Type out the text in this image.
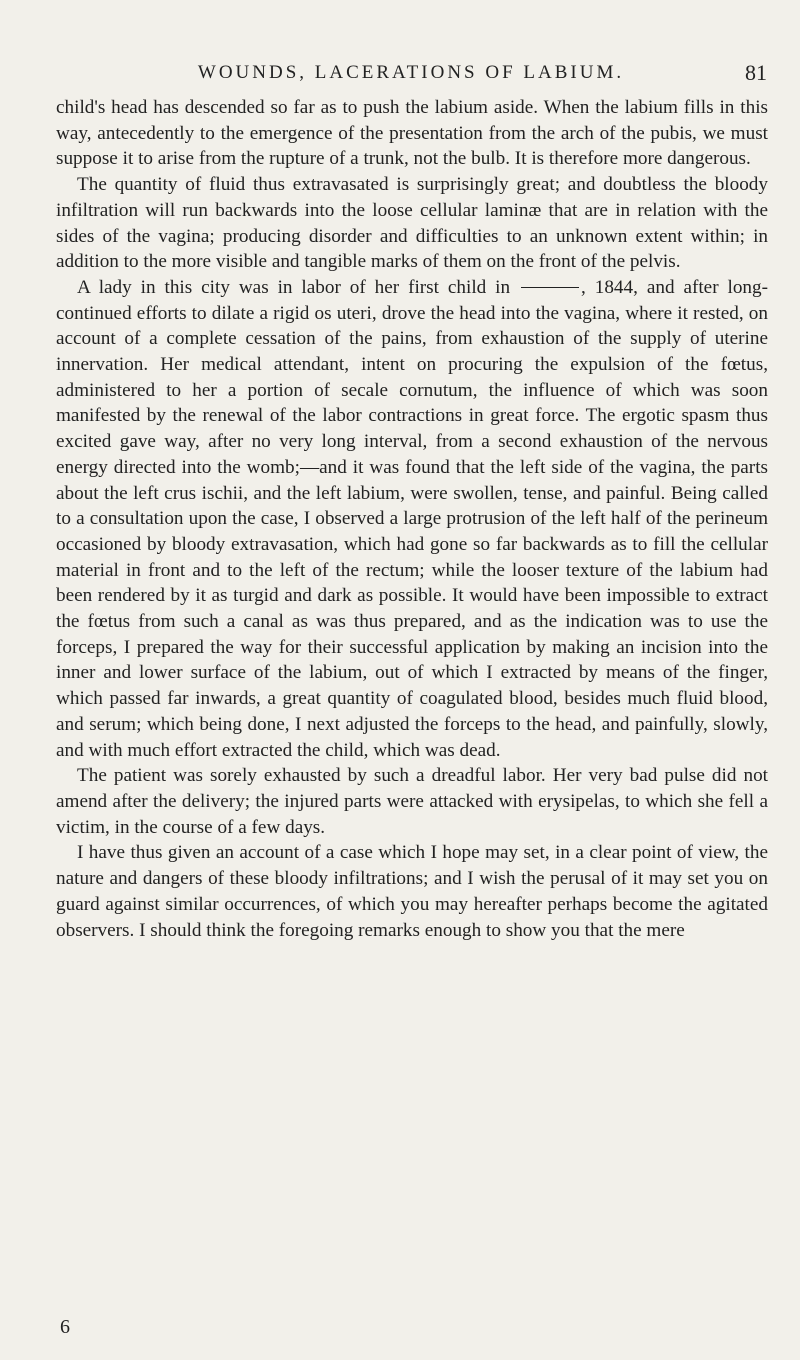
WOUNDS, LACERATIONS OF LABIUM.	81

child's head has descended so far as to push the labium aside. When the labium fills in this way, antecedently to the emergence of the presentation from the arch of the pubis, we must suppose it to arise from the rupture of a trunk, not the bulb. It is therefore more dangerous.

The quantity of fluid thus extravasated is surprisingly great; and doubtless the bloody infiltration will run backwards into the loose cellular laminæ that are in relation with the sides of the vagina; producing disorder and difficulties to an unknown extent within; in addition to the more visible and tangible marks of them on the front of the pelvis.

A lady in this city was in labor of her first child in	, 1844, and after long-continued efforts to dilate a rigid os uteri, drove the head into the vagina, where it rested, on account of a complete cessation of the pains, from exhaustion of the supply of uterine innervation. Her medical attendant, intent on procuring the expulsion of the fœtus, administered to her a portion of secale cornutum, the influence of which was soon manifested by the renewal of the labor contractions in great force. The ergotic spasm thus excited gave way, after no very long interval, from a second exhaustion of the nervous energy directed into the womb;—and it was found that the left side of the vagina, the parts about the left crus ischii, and the left labium, were swollen, tense, and painful. Being called to a consultation upon the case, I observed a large protrusion of the left half of the perineum occasioned by bloody extravasation, which had gone so far backwards as to fill the cellular material in front and to the left of the rectum; while the looser texture of the labium had been rendered by it as turgid and dark as possible. It would have been impossible to extract the fœtus from such a canal as was thus prepared, and as the indication was to use the forceps, I prepared the way for their successful application by making an incision into the inner and lower surface of the labium, out of which I extracted by means of the finger, which passed far inwards, a great quantity of coagulated blood, besides much fluid blood, and serum; which being done, I next adjusted the forceps to the head, and painfully, slowly, and with much effort extracted the child, which was dead.

The patient was sorely exhausted by such a dreadful labor. Her very bad pulse did not amend after the delivery; the injured parts were attacked with erysipelas, to which she fell a victim, in the course of a few days.

I have thus given an account of a case which I hope may set, in a clear point of view, the nature and dangers of these bloody infiltrations; and I wish the perusal of it may set you on guard against similar occurrences, of which you may hereafter perhaps become the agitated observers. I should think the foregoing remarks enough to show you that the mere

6
